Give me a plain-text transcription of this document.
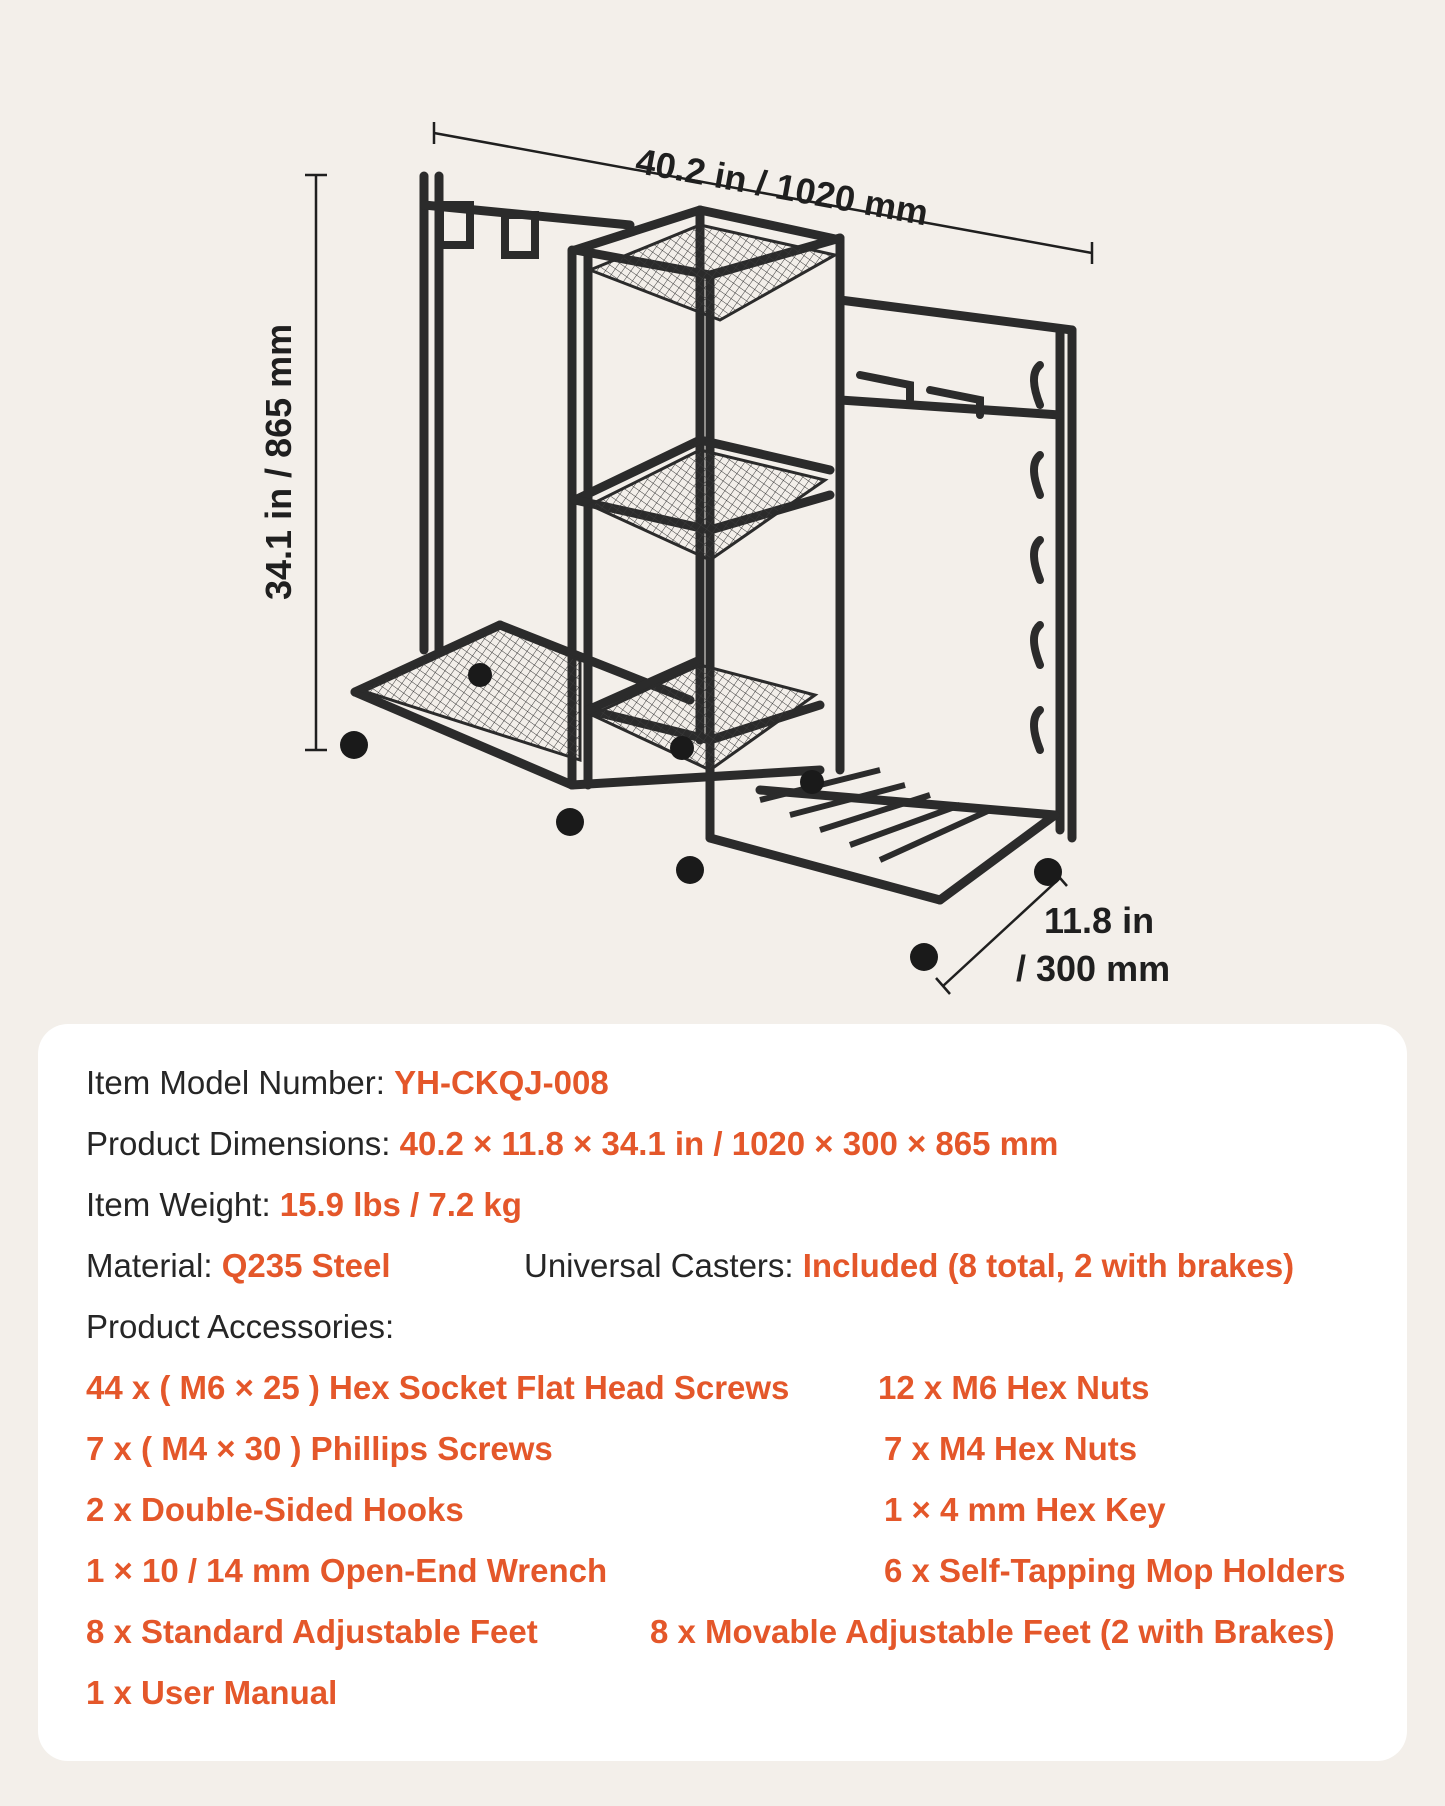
40.2 in / 1020 mm
34.1 in / 865 mm
11.8 in
/ 300 mm
Item Model Number: YH-CKQJ-008
Product Dimensions: 40.2 × 11.8 × 34.1 in / 1020 × 300 × 865 mm
Item Weight: 15.9 lbs / 7.2 kg
Material: Q235 Steel	Universal Casters: Included (8 total, 2 with brakes)
Product Accessories:
44 x ( M6 × 25 ) Hex Socket Flat Head Screws	12 x M6 Hex Nuts
7 x ( M4 × 30 ) Phillips Screws	7 x M4 Hex Nuts
2 x Double-Sided Hooks	1 × 4 mm Hex Key
1 × 10 / 14 mm Open-End Wrench	6 x Self-Tapping Mop Holders
8 x Standard Adjustable Feet	8 x Movable Adjustable Feet (2 with Brakes)
1 x User Manual
